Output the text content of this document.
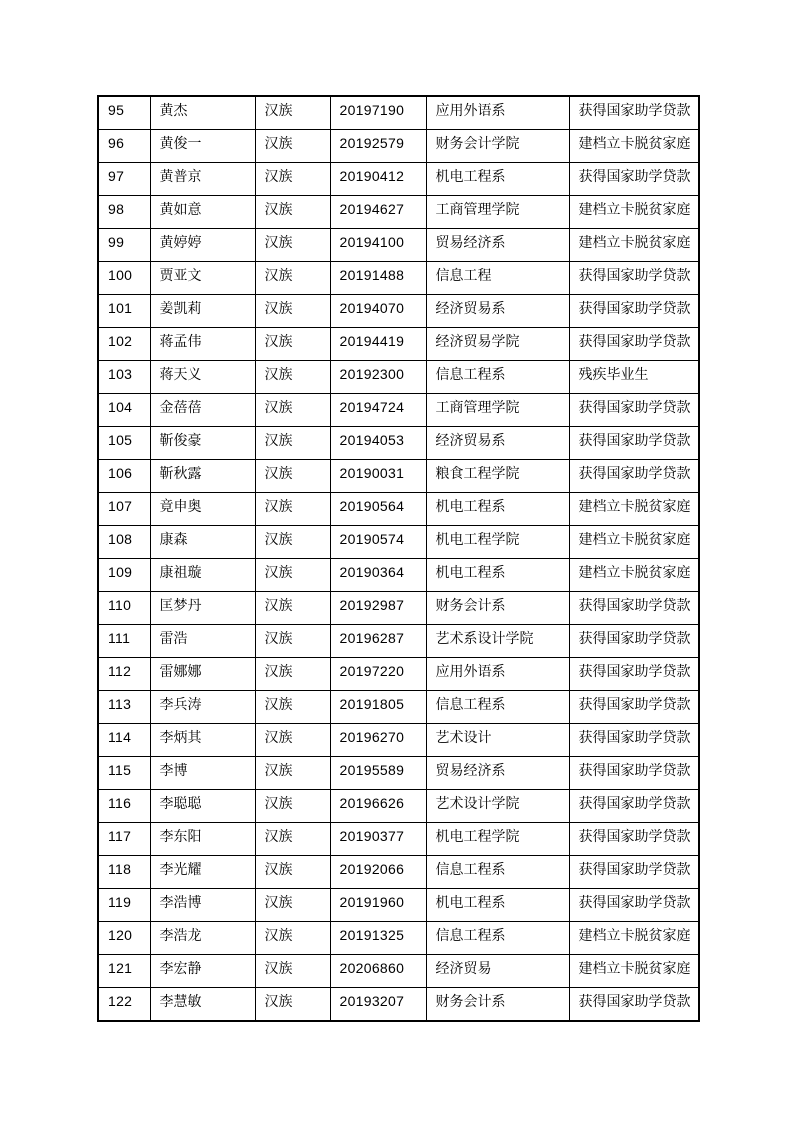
95	黄杰	汉族	20197190	应用外语系	获得国家助学贷款
96	黄俊一	汉族	20192579	财务会计学院	建档立卡脱贫家庭
97	黄普京	汉族	20190412	机电工程系	获得国家助学贷款
98	黄如意	汉族	20194627	工商管理学院	建档立卡脱贫家庭
99	黄婷婷	汉族	20194100	贸易经济系	建档立卡脱贫家庭
100	贾亚文	汉族	20191488	信息工程	获得国家助学贷款
101	姜凯莉	汉族	20194070	经济贸易系	获得国家助学贷款
102	蒋孟伟	汉族	20194419	经济贸易学院	获得国家助学贷款
103	蒋天义	汉族	20192300	信息工程系	残疾毕业生
104	金蓓蓓	汉族	20194724	工商管理学院	获得国家助学贷款
105	靳俊豪	汉族	20194053	经济贸易系	获得国家助学贷款
106	靳秋露	汉族	20190031	粮食工程学院	获得国家助学贷款
107	竟申奥	汉族	20190564	机电工程系	建档立卡脱贫家庭
108	康森	汉族	20190574	机电工程学院	建档立卡脱贫家庭
109	康祖璇	汉族	20190364	机电工程系	建档立卡脱贫家庭
110	匡梦丹	汉族	20192987	财务会计系	获得国家助学贷款
111	雷浩	汉族	20196287	艺术系设计学院	获得国家助学贷款
112	雷娜娜	汉族	20197220	应用外语系	获得国家助学贷款
113	李兵涛	汉族	20191805	信息工程系	获得国家助学贷款
114	李炳其	汉族	20196270	艺术设计	获得国家助学贷款
115	李博	汉族	20195589	贸易经济系	获得国家助学贷款
116	李聪聪	汉族	20196626	艺术设计学院	获得国家助学贷款
117	李东阳	汉族	20190377	机电工程学院	获得国家助学贷款
118	李光耀	汉族	20192066	信息工程系	获得国家助学贷款
119	李浩博	汉族	20191960	机电工程系	获得国家助学贷款
120	李浩龙	汉族	20191325	信息工程系	建档立卡脱贫家庭
121	李宏静	汉族	20206860	经济贸易	建档立卡脱贫家庭
122	李慧敏	汉族	20193207	财务会计系	获得国家助学贷款
